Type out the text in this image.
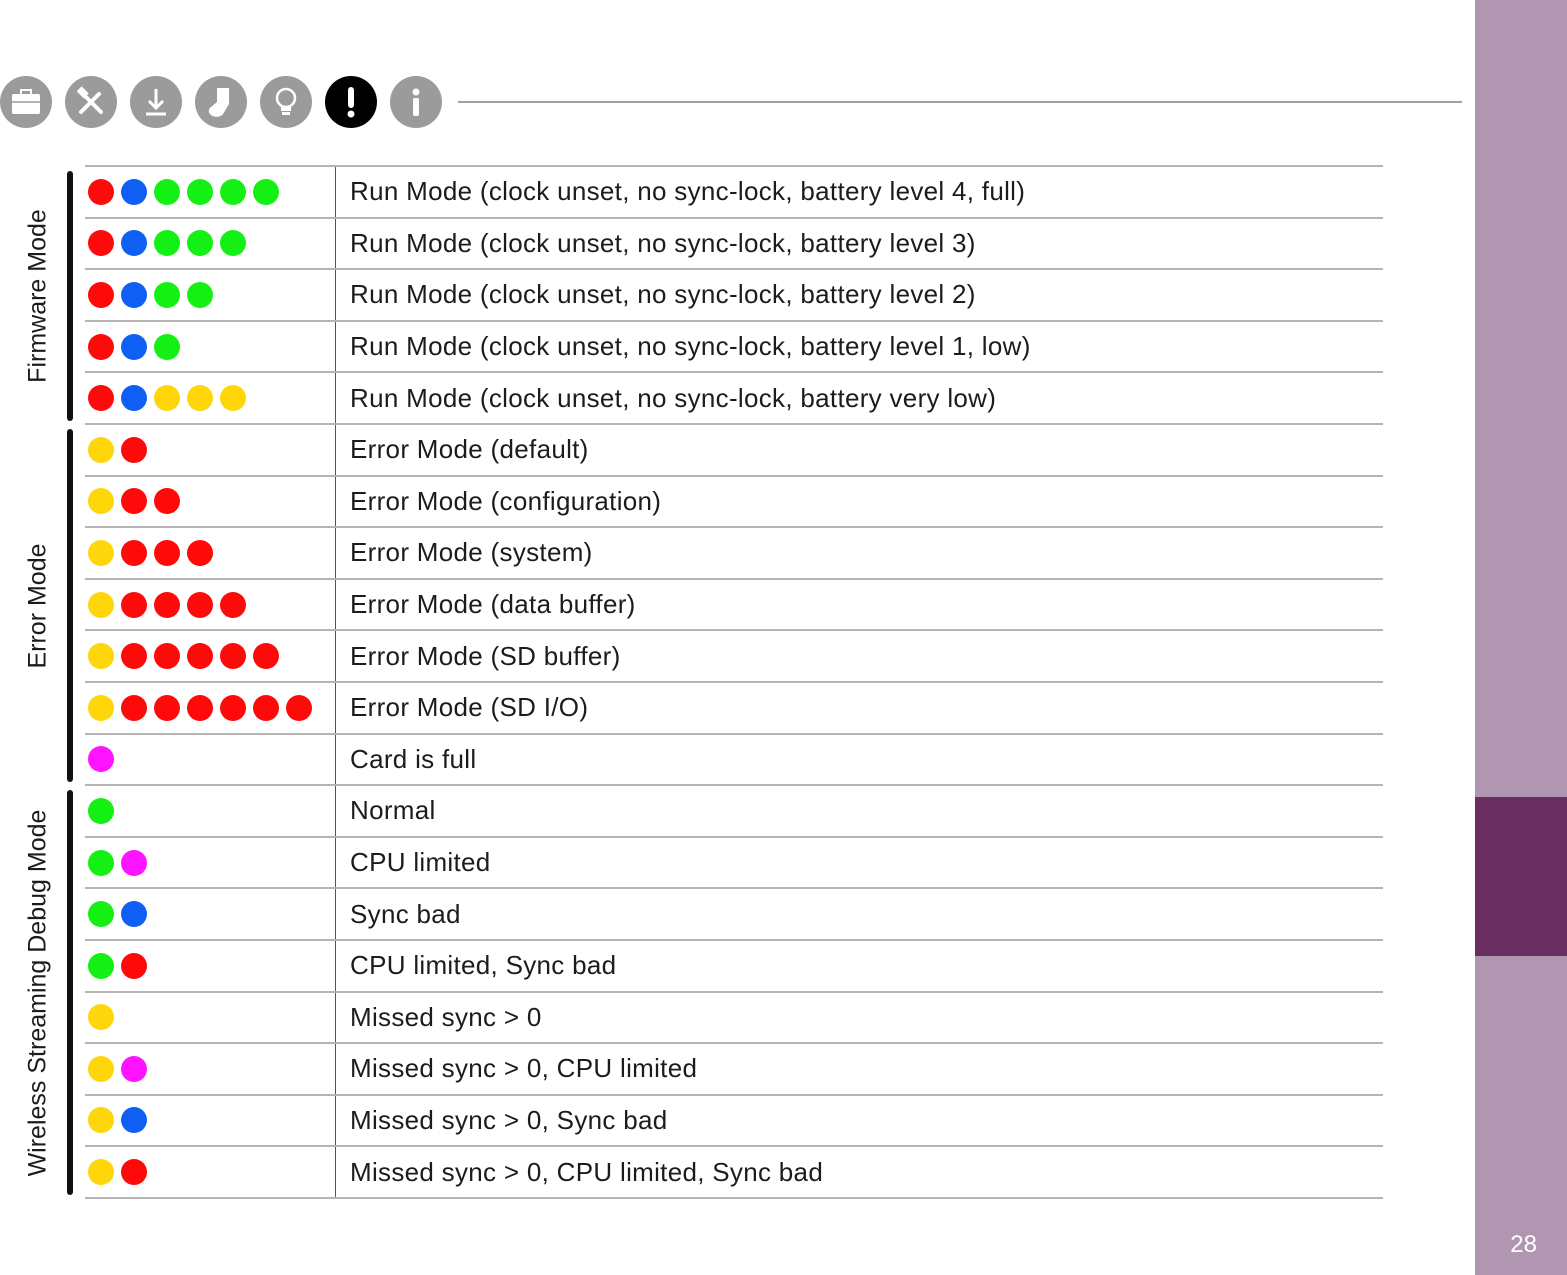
28
Run Mode (clock unset, no sync-lock, battery level 4, full)
Run Mode (clock unset, no sync-lock, battery level 3)
Run Mode (clock unset, no sync-lock, battery level 2)
Run Mode (clock unset, no sync-lock, battery level 1, low)
Run Mode (clock unset, no sync-lock, battery very low)
Error Mode (default)
Error Mode (configuration)
Error Mode (system)
Error Mode (data buffer)
Error Mode (SD buffer)
Error Mode (SD I/O)
Card is full
Normal
CPU limited
Sync bad
CPU limited, Sync bad
Missed sync > 0
Missed sync > 0, CPU limited
Missed sync > 0, Sync bad
Missed sync > 0, CPU limited, Sync bad
Firmware Mode
Error Mode
Wireless Streaming Debug Mode
